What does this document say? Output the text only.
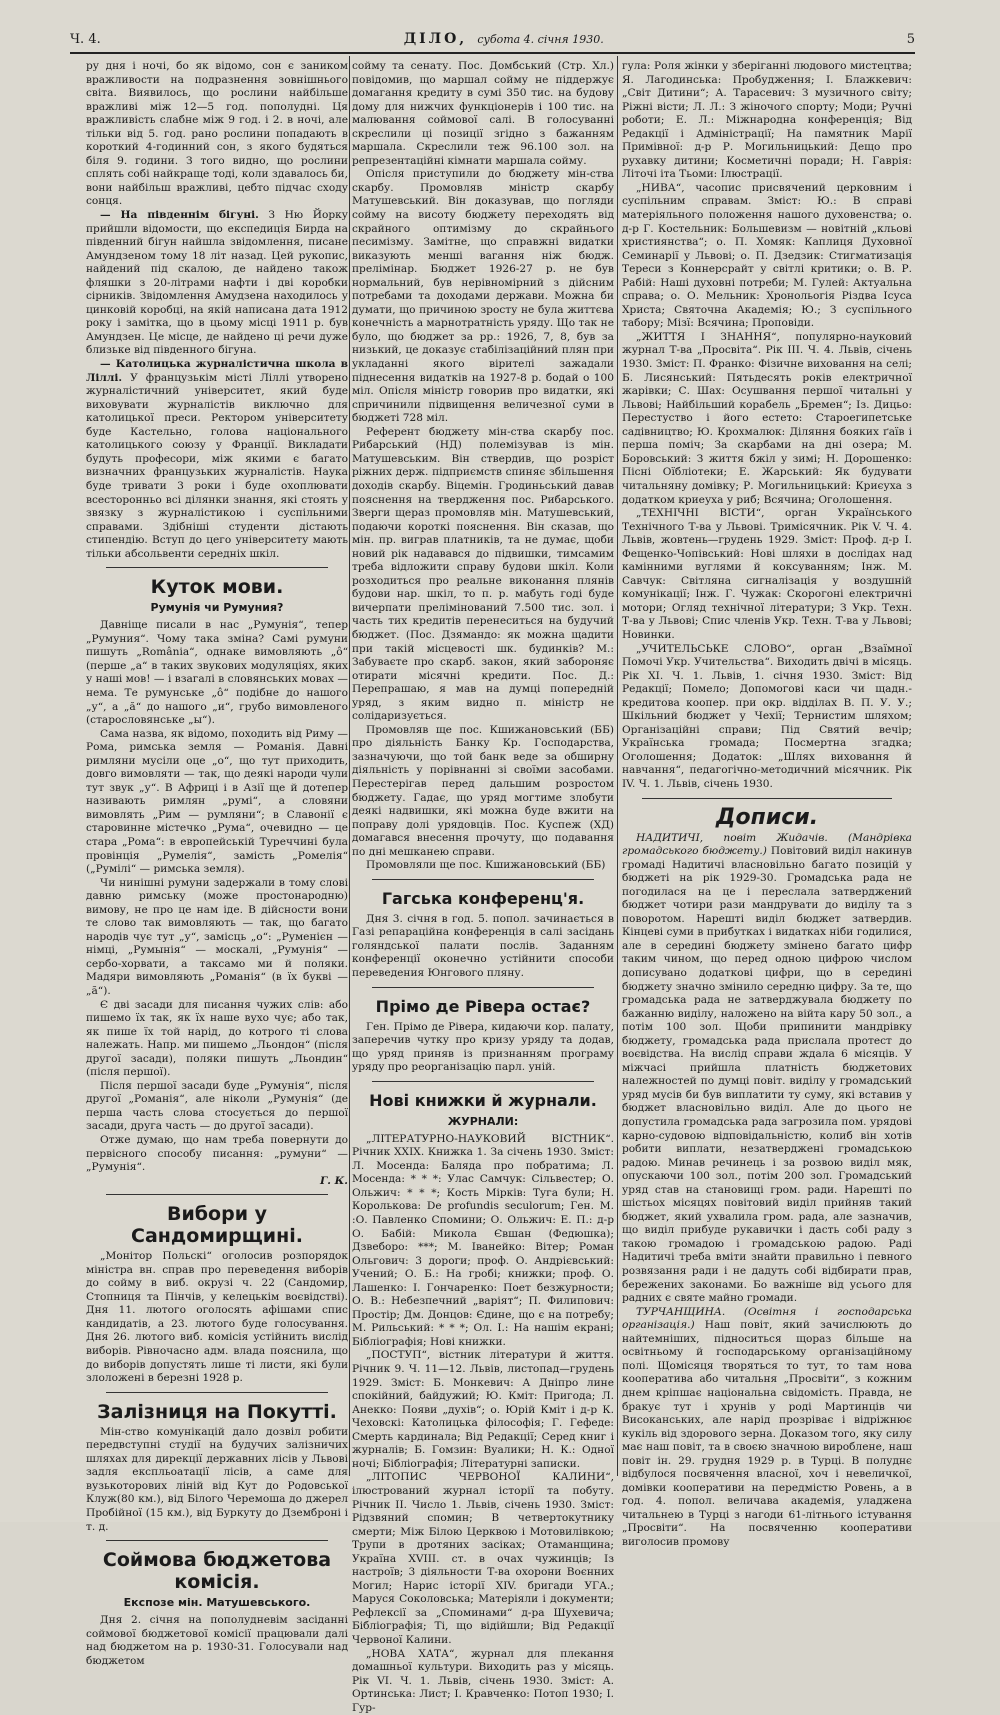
Ч. 4.	ДІЛО, субота 4. січня 1930.	5

ру дня і ночі, бо як відомо, сон є заником вражливости на подразнення зовнішнього світа. Виявилось, що рослини найбільше вражливі між 12—5 год. пополудні. Ця вражливість слабне між 9 год. і 2. в ночі, але тільки від 5. год. рано рослини попадають в короткий 4-годинний сон, з якого будяться біля 9. години. З того видно, що рослини сплять собі найкраще тоді, коли здавалось би, вони найбільш вражливі, цебто підчас сходу сонця.

— На південнім бігуні. З Ню Йорку прийшли відомости, що експедиція Бирда на південний бігун найшла звідомлення, писане Амундзеном тому 18 літ назад. Цей рукопис, найдений під скалою, де найдено також фляшки з 20-літрами нафти і дві коробки сірників. Звідомлення Амудзена находилось у цинковій коробці, на якій написана дата 1912 року і замітка, що в цьому місці 1911 р. був Амундзен. Це місце, де найдено ці речи дуже близьке від південного бігуна.

— Католицька журналістична школа в Ліллі. У французькім місті Ліллі утворено журналістичний університет, який буде виховувати журналістів виключно для католицької преси. Ректором університету буде Кастельно, голова національного католицького союзу у Франції. Викладати будуть професори, між якими є багато визначних французьких журналістів. Наука буде тривати 3 роки і буде охоплювати всесторонньо всі ділянки знання, які стоять у звязку з журналістикою і суспільними справами. Здібніші студенти дістають стипендію. Вступ до цего університету мають тільки абсольвенти середніх шкіл.

Куток мови.
Румунія чи Румуния?

Давніще писали в нас „Румунія“, тепер „Румуния“. Чому така зміна? Самі румуни пишуть „România“, однаке вимовляють „ô“ (перше „a“ в таких звукових модуляціях, яких у наші мов! — і взагалі в словянських мовах — нема. Те румунське „ô“ подібне до нашого „у“, а „ă“ до нашого „и“, грубо вимовленого (старословянське „ы“).

Сама назва, як відомо, походить від Риму — Рома, римська земля — Романія. Давні римляни мусіли оце „о“, що тут приходить, довго вимовляти — так, що деякі народи чули тут звук „у“. В Африці і в Азії ще й дотепер називають римлян „румі“, а словяни вимовлять „Рим — румляни“; в Славонії є старовинне містечко „Рума“, очевидно — це стара „Рома“: в европейській Туреччині була провінція „Румелія“, замість „Ромелія“ („Румілі“ — римська земля).

Чи нинішні румуни задержали в тому слові давню римську (може простонародню) вимову, не про це нам іде. В дійсности вони те слово так вимовляють — так, що багато народів чує тут „у“, замісць „о“: „Руменієн — німці, „Румынія“ — москалі, „Румунія“ — сербо-хорвати, а таксамо ми й поляки. Мадяри вимовляють „Романія“ (в їх букві — „ã“).

Є дві засади для писання чужих слів: або пишемо їх так, як їх наше вухо чує; або так, як пише їх той нарід, до котрого ті слова належать. Напр. ми пишемо „Льондон“ (після другої засади), поляки пишуть „Льондин“ (після першої).

Після першої засади буде „Румунія“, після другої „Романія“, але ніколи „Румунія“ (де перша часть слова стосується до першої засади, друга часть — до другої засади).

Отже думаю, що нам треба повернути до первісного способу писання: „румуни“ — „Румунія“.

Г. К.

Вибори у Сандомирщині.

„Монітор Польскі“ оголосив розпорядок міністра вн. справ про переведення виборів до сойму в виб. окрузі ч. 22 (Сандомир, Стопниця та Пінчів, у келецькім воєвідстві). Дня 11. лютого оголосять афішами спис кандидатів, а 23. лютого буде голосування. Дня 26. лютого виб. комісія устійнить вислід виборів. Рівночасно адм. влада пояснила, що до виборів допустять лише ті листи, які були злоложені в березні 1928 р.

Залізниця на Покутті.

Мін-ство комунікацій дало дозвіл робити передвступні студії на будучих залізничих шляхах для дирекції державних лісів у Львові задля експльоатації лісів, а саме для вузькоторових ліній від Кут до Родовської Клуж(80 км.), від Білого Черемоша до джерел Пробійної (15 км.), від Буркуту до Дземброні і т. д.

Соймова бюджетова комісія.
Експозе мін. Матушевського.

Дня 2. січня на пополудневім засіданні соймової бюджетової комісії працювали далі над бюджетом на р. 1930-31. Голосували над бюджетом

сойму та сенату. Пос. Домбський (Стр. Хл.) повідомив, що маршал сойму не піддержує домагання кредиту в сумі 350 тис. на будову дому для нижчих функціонерів і 100 тис. на малювання соймової салі. В голосуванні скреслили ці позиції згідно з бажанням маршала. Скреслили теж 96.100 зол. на репрезентаційні кімнати маршала сойму.

Опісля приступили до бюджету мін-ства скарбу. Промовляв міністр скарбу Матушевський. Він доказував, що погляди сойму на висоту бюджету переходять від скрайного оптимізму до скрайнього песимізму. Замітне, що справжні видатки виказують менші вагання ніж бюдж. прелімінар. Бюджет 1926-27 р. не був нормальний, був нерівномірний з дійсним потребами та доходами держави. Можна би думати, що причиною зросту не була життєва конечність а марнотратність уряду. Що так не було, що бюджет за рр.: 1926, 7, 8, був за низький, це доказує стабілізаційний плян при укладанні якого вірителі зажадали піднесення видатків на 1927-8 р. бодай о 100 міл. Опісля міністр говорив про видатки, які спричинили підвищення величезної суми в бюджеті 728 міл.

Референт бюджету мін-ства скарбу пос. Рибарський (НД) полемізував із мін. Матушевським. Він ствердив, що розріст ріжних держ. підприємств спиняє збільшення доходів скарбу. Віцемін. Гродиньський давав пояснення на твердження пос. Рибарського. Зверги щераз промовляв мін. Матушевський, подаючи короткі пояснення. Він сказав, що мін. пр. виграв платників, та не думає, щоби новий рік надавався до підвишки, тимсамим треба відложити справу будови шкіл. Коли розходиться про реальне виконання плянів будови нар. шкіл, то п. р. мабуть годі буде вичерпати прелімінований 7.500 тис. зол. і часть тих кредитів перенеситься на будучий бюджет. (Пос. Дзямандо: як можна щадити при такій місцевості шк. будинків? М.: Забуваєте про скарб. закон, який забороняє отирати місячні кредити. Пос. Д.: Перепрашаю, я мав на думці попередній уряд, з яким видно п. міністр не солідаризується.

Промовляв ще пос. Кшижановський (ББ) про діяльність Банку Кр. Господарства, зазначуючи, що той банк веде за обширну діяльність у порівнанні зі своїми засобами. Перестерігав перед дальшим розростом бюджету. Гадає, що уряд могтиме злобути деякі надвишки, які можна буде вжити на поправу долі урядовців. Пос. Куспеж (ХД) домагався внесення прочуту, що подавання по дні мешканею справи.

Промовляли ще пос. Кшижановський (ББ)

Гагська конференц'я.

Дня 3. січня в год. 5. попол. зачинається в Газі репараційна конференція в салі засідань голяндської палати послів. Заданням конференції оконечно устійнити способи переведения Юнгового пляну.

Прімо де Рівера остає?

Ген. Прімо де Рівера, кидаючи кор. палату, заперечив чутку про кризу уряду та додав, що уряд приняв із признанням програму уряду про реорганізацію парл. уній.

Нові книжки й журнали.
ЖУРНАЛИ:

„ЛІТЕРАТУРНО-НАУКОВИЙ ВІСТНИК“. Річник XXIX. Книжка 1. За січень 1930. Зміст: Л. Мосенда: Баляда про побратима; Л. Мосенда: * * *: Улас Самчук: Сільвестер; О. Ольжич: * * *; Кость Мірків: Туга були; Н. Королькова: De profundis seculorum; Ген. М. :О. Павленко Спомини; О. Ольжич: Е. П.: д-р О. Бабій: Микола Євшан (Федюшка); Дзвеборо: ***; М. Іванейко: Вітер; Роман Ольгович: 3 дороги; проф. О. Андрієвський: Учений; О. Б.: На гробі; книжки; проф. О. Лашенко: І. Гончаренко: Поет безжурности; О. В.: Небезпечний „варіят“; П. Филипович: Простір; Дм. Донцов: Єдине, що є на потребу; М. Рильський: * * *; Ол. І.: На нашім екрані; Бібліографія; Нові книжки.

„ПОСТУП“, вістник літератури й життя. Річник 9. Ч. 11—12. Львів, листопад—грудень 1929. Зміст: Б. Монкевич: А Дніпро лине спокійний, байдужий; Ю. Кміт: Пригода; Л. Анекко: Появи „духів“; о. Юрій Кміт і д-р К. Чеховскі: Католицька філософія; Г. Гефеде: Смерть кардинала; Від Редакції; Серед книг і журналів; Б. Гомзин: Вуалики; Н. К.: Одної ночі; Бібліографія; Літературні записки.

„ЛІТОПИС ЧЕРВОНОЇ КАЛИНИ“, ілюстрований журнал історії та побуту. Річник II. Число 1. Львів, січень 1930. Зміст: Рідзвяний спомин; В четвертокутнику смерти; Між Білою Церквою і Мотовилівкою; Трупи в дротяних засіках; Отаманщина; Україна XVIII. ст. в очах чужинців; Із настроїв; 3 діяльности Т-ва охорони Воєнних Могил; Нарис історії XIV. бригади УГА.; Маруся Соколовська; Матеріяли і документи; Рефлексії за „Споминами“ д-ра Шухевича; Бібліографія; Ті, що відійшли; Від Редакції Червоної Калини.

„НОВА ХАТА“, журнал для плекання домашньої культури. Виходить раз у місяць. Рік VI. Ч. 1. Львів, січень 1930. Зміст: А. Ортинська: Лист; І. Кравченко: Потоп 1930; І. Гур-

гула: Роля жінки у зберіганні людового мистецтва; Я. Лагодинська: Пробудження; І. Блажкевич: „Світ Дитини“; А. Тарасевич: З музичного світу; Ріжні вісти; Л. Л.: З жіночого спорту; Моди; Ручні роботи; Е. Л.: Міжнародна конференція; Від Редакції і Адміністрації; На памятник Марії Примівної: д-р Р. Могильницький: Дещо про рухавку дитини; Косметичні поради; Н. Гаврія: Літочі іта Тьоми: Ілюстрації.

„НИВА“, часопис присвячений церковним і суспільним справам. Зміст: Ю.: В справі матеріяльного положення нашого духовенства; о. д-р Г. Костельник: Большевизм — новітній „кльові християнства“; о. П. Хомяк: Каплиця Духовної Семинарії у Львові; о. П. Дзедзик: Стигматизація Тереси з Коннерсрайт у світлі критики; о. В. Р. Рабій: Наші духовні потреби; М. Гулей: Актуальна справа; о. О. Мельник: Хронольогія Різдва Ісуса Христа; Святочна Академія; Ю.; З суспільного табору; Мізї: Всячина; Проповіди.

„ЖИТТЯ І ЗНАННЯ“, популярно-науковий журнал Т-ва „Просвіта“. Рік III. Ч. 4. Львів, січень 1930. Зміст: П. Франко: Фізичне виховання на селі; Б. Лисянський: Пятьдесять років електричної жарівки; С. Шах: Осушвання першої читальні у Львові; Найбільший корабель „Бремен“; Із. Дицьо: Перестуство і його естето: Староегипетське садівництво; Ю. Крохмалюк: Діляння бояких ґаїв і перша поміч; За скарбами на дні озера; М. Боровський: З життя бжіл у зимі; Н. Дорошенко: Пісні Оїбліотеки; Е. Жарський: Як будувати читальняну домівку; Р. Могильницький: Криєуха з додатком криеуха у риб; Всячина; Оголошення.

„ТЕХНІЧНІ ВІСТИ“, орган Українського Технічного Т-ва у Львові. Тримісячник. Рік V. Ч. 4. Львів, жовтень—грудень 1929. Зміст: Проф. д-р І. Фещенко-Чопівський: Нові шляхи в дослідах над камінними вуглями й коксуванням; Інж. М. Савчук: Світляна сигналізація у воздушній комунікації; Інж. Г. Чужак: Скорогоні електричні мотори; Огляд технічної літератури; З Укр. Техн. Т-ва у Львові; Спис членів Укр. Техн. Т-ва у Львові; Новинки.

„УЧИТЕЛЬСЬКЕ СЛОВО“, орган „Взаїмної Помочі Укр. Учительства“. Виходить двічі в місяць. Рік XI. Ч. 1. Львів, 1. січня 1930. Зміст: Від Редакції; Помело; Допомогові каси чи щадн.-кредитова коопер. при окр. відділах В. П. У. У.; Шкільний бюджет у Чехії; Тернистим шляхом; Організаційні справи; Під Святий вечір; Українська громада; Посмертна згадка; Оголошення; Додаток: „Шлях виховання й навчання“, педагогічно-методичний місячник. Рік IV. Ч. 1. Львів, січень 1930.

Дописи.

НАДИТИЧІ, повіт Жидачів. (Мандрівка громадського бюджету.) Повітовий виділ накинув громаді Надитичі власновільно багато позицій у бюджеті на рік 1929-30. Громадська рада не погодилася на це і переслала затверджений бюджет чотири рази мандрувати до виділу та з поворотом. Нарешті виділ бюджет затвердив. Кінцеві суми в прибутках і видатках ніби годилися, але в середині бюджету змінено багато цифр таким чином, що перед одною цифрою числом дописувано додаткові цифри, що в середині бюджету значно змінило середню цифру. За те, що громадська рада не затверджувала бюджету по бажанню виділу, наложено на війта кару 50 зол., а потім 100 зол. Щоби припинити мандрівку бюджету, громадська рада прислала протест до воєвідства. На вислід справи ждала 6 місяців. У міжчасі прийшла платність бюджетових належностей по думці повіт. виділу у громадський уряд мусів би був виплатити ту суму, які вставив у бюджет власновільно виділ. Але до цього не допустила громадська рада загрозила пом. урядові карно-судовою відповідальністю, колиб він хотів робити виплати, незатверджені громадською радою. Минав речинець і за розвою виділ мяк, опускаючи 100 зол., потім 200 зол. Громадський уряд став на становищі гром. ради. Нарешті по шістьох місяцях повітовий виділ прийняв такий бюджет, який ухвалила гром. рада, але зазначив, що виділ прибуде рукавички і дасть собі раду з такою громадою і громадською радою. Раді Надитичі треба вміти знайти правильно і певного розвязання ради і не дадуть собі відбирати прав, бережених законами. Бо важніше від усього для радних є святе майно громади.

ТУРЧАНЩИНА. (Освітня і господарська організація.) Наш повіт, який зачислюють до найтемніших, підноситься щораз більше на освітньому й господарському організаційному полі. Щомісяця творяться то тут, то там нова кооператива або читальня „Просвіти“, з кожним днем кріпшає національна свідомість. Правда, не бракує тут і хрунів у роді Мартинців чи Високанських, але нарід прозріває і відріжнює кукіль від здорового зерна. Доказом того, яку силу має наш повіт, та в своєю значною вироблене, наш повіт ін. 29. грудня 1929 р. в Турці. В полуднє відбулося посвячення власної, хоч і невеличкої, домівки кооперативи на передмістю Ровень, а в год. 4. попол. величава академія, уладжена читальнею в Турці з нагоди 61-літнього істування „Просвіти“. На посвяченню кооперативи виголосив промову
